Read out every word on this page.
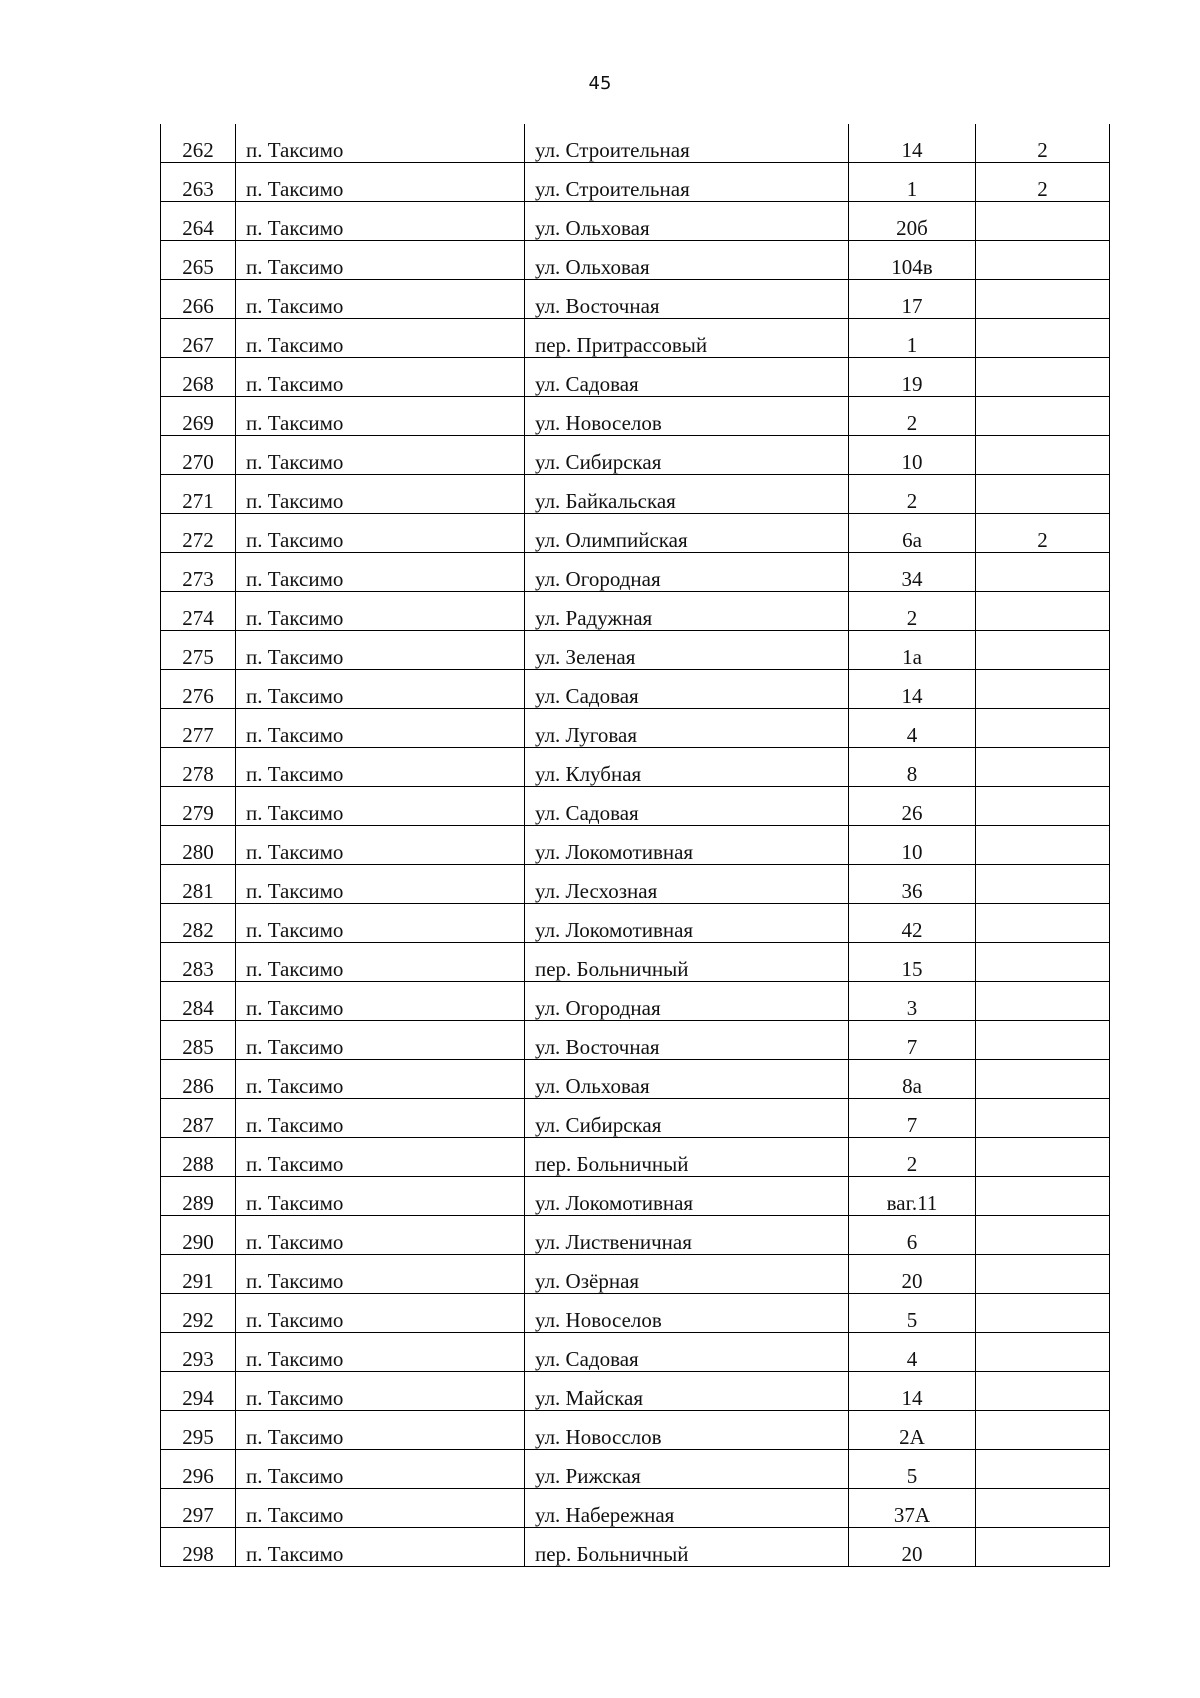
45
262	п. Таксимо	ул. Строительная	14	2
263	п. Таксимо	ул. Строительная	1	2
264	п. Таксимо	ул. Ольховая	20б	
265	п. Таксимо	ул. Ольховая	104в	
266	п. Таксимо	ул. Восточная	17	
267	п. Таксимо	пер. Притрассовый	1	
268	п. Таксимо	ул. Садовая	19	
269	п. Таксимо	ул. Новоселов	2	
270	п. Таксимо	ул. Сибирская	10	
271	п. Таксимо	ул. Байкальская	2	
272	п. Таксимо	ул. Олимпийская	6а	2
273	п. Таксимо	ул. Огородная	34	
274	п. Таксимо	ул. Радужная	2	
275	п. Таксимо	ул. Зеленая	1а	
276	п. Таксимо	ул. Садовая	14	
277	п. Таксимо	ул. Луговая	4	
278	п. Таксимо	ул. Клубная	8	
279	п. Таксимо	ул. Садовая	26	
280	п. Таксимо	ул. Локомотивная	10	
281	п. Таксимо	ул. Лесхозная	36	
282	п. Таксимо	ул. Локомотивная	42	
283	п. Таксимо	пер. Больничный	15	
284	п. Таксимо	ул. Огородная	3	
285	п. Таксимо	ул. Восточная	7	
286	п. Таксимо	ул. Ольховая	8а	
287	п. Таксимо	ул. Сибирская	7	
288	п. Таксимо	пер. Больничный	2	
289	п. Таксимо	ул. Локомотивная	ваг.11	
290	п. Таксимо	ул. Лиственичная	6	
291	п. Таксимо	ул. Озёрная	20	
292	п. Таксимо	ул. Новоселов	5	
293	п. Таксимо	ул. Садовая	4	
294	п. Таксимо	ул. Майская	14	
295	п. Таксимо	ул. Новосслов	2А	
296	п. Таксимо	ул. Рижская	5	
297	п. Таксимо	ул. Набережная	37А	
298	п. Таксимо	пер. Больничный	20	
